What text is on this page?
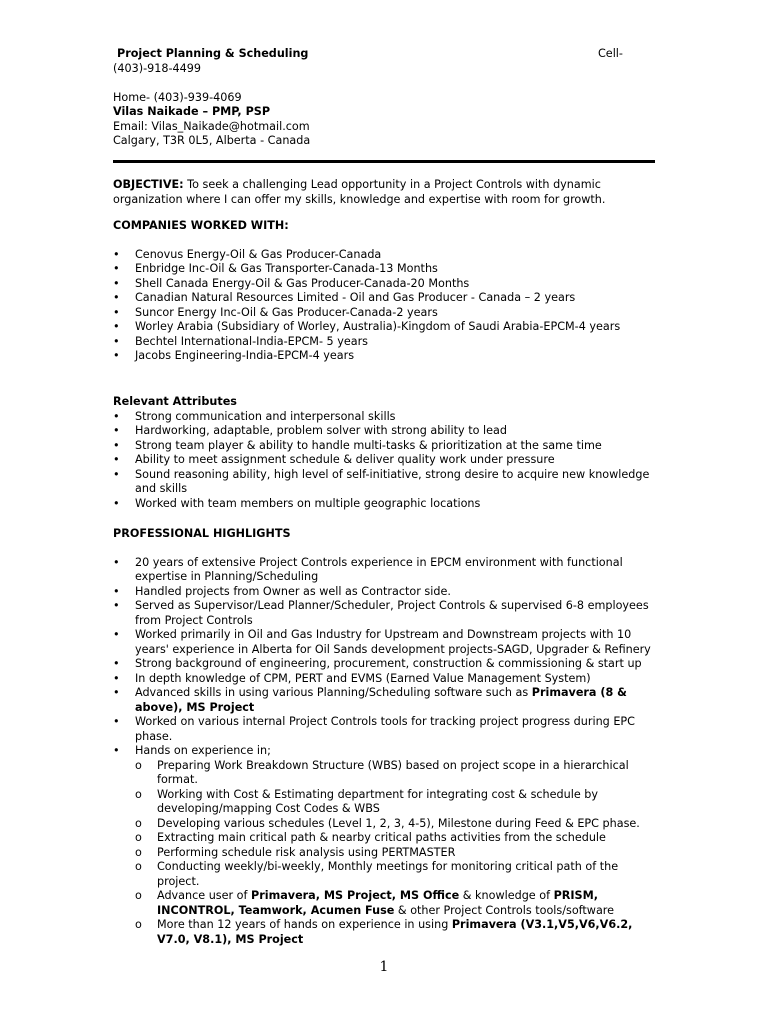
Project Planning & Scheduling	Cell-
(403)-918-4499
Home- (403)-939-4069
Vilas Naikade – PMP, PSP
Email: Vilas_Naikade@hotmail.com
Calgary, T3R 0L5, Alberta - Canada
OBJECTIVE: To seek a challenging Lead opportunity in a Project Controls with dynamic
organization where I can offer my skills, knowledge and expertise with room for growth.
COMPANIES WORKED WITH:
•	Cenovus Energy-Oil & Gas Producer-Canada
•	Enbridge Inc-Oil & Gas Transporter-Canada-13 Months
•	Shell Canada Energy-Oil & Gas Producer-Canada-20 Months
•	Canadian Natural Resources Limited - Oil and Gas Producer - Canada – 2 years
•	Suncor Energy Inc-Oil & Gas Producer-Canada-2 years
•	Worley Arabia (Subsidiary of Worley, Australia)-Kingdom of Saudi Arabia-EPCM-4 years
•	Bechtel International-India-EPCM- 5 years
•	Jacobs Engineering-India-EPCM-4 years
Relevant Attributes
•	Strong communication and interpersonal skills
•	Hardworking, adaptable, problem solver with strong ability to lead
•	Strong team player & ability to handle multi-tasks & prioritization at the same time
•	Ability to meet assignment schedule & deliver quality work under pressure
•	Sound reasoning ability, high level of self-initiative, strong desire to acquire new knowledge and skills
•	Worked with team members on multiple geographic locations
PROFESSIONAL HIGHLIGHTS
•	20 years of extensive Project Controls experience in EPCM environment with functional expertise in Planning/Scheduling
•	Handled projects from Owner as well as Contractor side.
•	Served as Supervisor/Lead Planner/Scheduler, Project Controls & supervised 6-8 employees from Project Controls
•	Worked primarily in Oil and Gas Industry for Upstream and Downstream projects with 10 years' experience in Alberta for Oil Sands development projects-SAGD, Upgrader & Refinery
•	Strong background of engineering, procurement, construction & commissioning & start up
•	In depth knowledge of CPM, PERT and EVMS (Earned Value Management System)
•	Advanced skills in using various Planning/Scheduling software such as Primavera (8 & above), MS Project
•	Worked on various internal Project Controls tools for tracking project progress during EPC phase.
•	Hands on experience in;
o Preparing Work Breakdown Structure (WBS) based on project scope in a hierarchical format.
o Working with Cost & Estimating department for integrating cost & schedule by developing/mapping Cost Codes & WBS
o Developing various schedules (Level 1, 2, 3, 4-5), Milestone during Feed & EPC phase.
o Extracting main critical path & nearby critical paths activities from the schedule
o Performing schedule risk analysis using PERTMASTER
o Conducting weekly/bi-weekly, Monthly meetings for monitoring critical path of the project.
o Advance user of Primavera, MS Project, MS Office & knowledge of PRISM, INCONTROL, Teamwork, Acumen Fuse & other Project Controls tools/software
o More than 12 years of hands on experience in using Primavera (V3.1,V5,V6,V6.2, V7.0, V8.1), MS Project
1
